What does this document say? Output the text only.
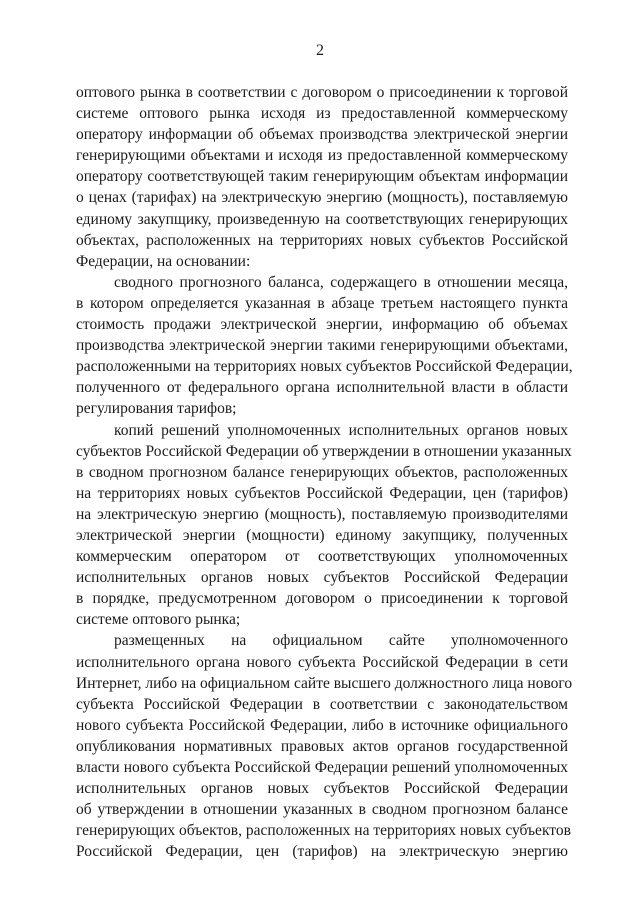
2
оптового рынка в соответствии с договором о присоединении к торговой
системе оптового рынка исходя из предоставленной коммерческому
оператору информации об объемах производства электрической энергии
генерирующими объектами и исходя из предоставленной коммерческому
оператору соответствующей таким генерирующим объектам информации
о ценах (тарифах) на электрическую энергию (мощность), поставляемую
единому закупщику, произведенную на соответствующих генерирующих
объектах, расположенных на территориях новых субъектов Российской
Федерации, на основании:
сводного прогнозного баланса, содержащего в отношении месяца,
в котором определяется указанная в абзаце третьем настоящего пункта
стоимость продажи электрической энергии, информацию об объемах
производства электрической энергии такими генерирующими объектами,
расположенными на территориях новых субъектов Российской Федерации,
полученного от федерального органа исполнительной власти в области
регулирования тарифов;
копий решений уполномоченных исполнительных органов новых
субъектов Российской Федерации об утверждении в отношении указанных
в сводном прогнозном балансе генерирующих объектов, расположенных
на территориях новых субъектов Российской Федерации, цен (тарифов)
на электрическую энергию (мощность), поставляемую производителями
электрической энергии (мощности) единому закупщику, полученных
коммерческим оператором от соответствующих уполномоченных
исполнительных органов новых субъектов Российской Федерации
в порядке, предусмотренном договором о присоединении к торговой
системе оптового рынка;
размещенных на официальном сайте уполномоченного
исполнительного органа нового субъекта Российской Федерации в сети
Интернет, либо на официальном сайте высшего должностного лица нового
субъекта Российской Федерации в соответствии с законодательством
нового субъекта Российской Федерации, либо в источнике официального
опубликования нормативных правовых актов органов государственной
власти нового субъекта Российской Федерации решений уполномоченных
исполнительных органов новых субъектов Российской Федерации
об утверждении в отношении указанных в сводном прогнозном балансе
генерирующих объектов, расположенных на территориях новых субъектов
Российской Федерации, цен (тарифов) на электрическую энергию
